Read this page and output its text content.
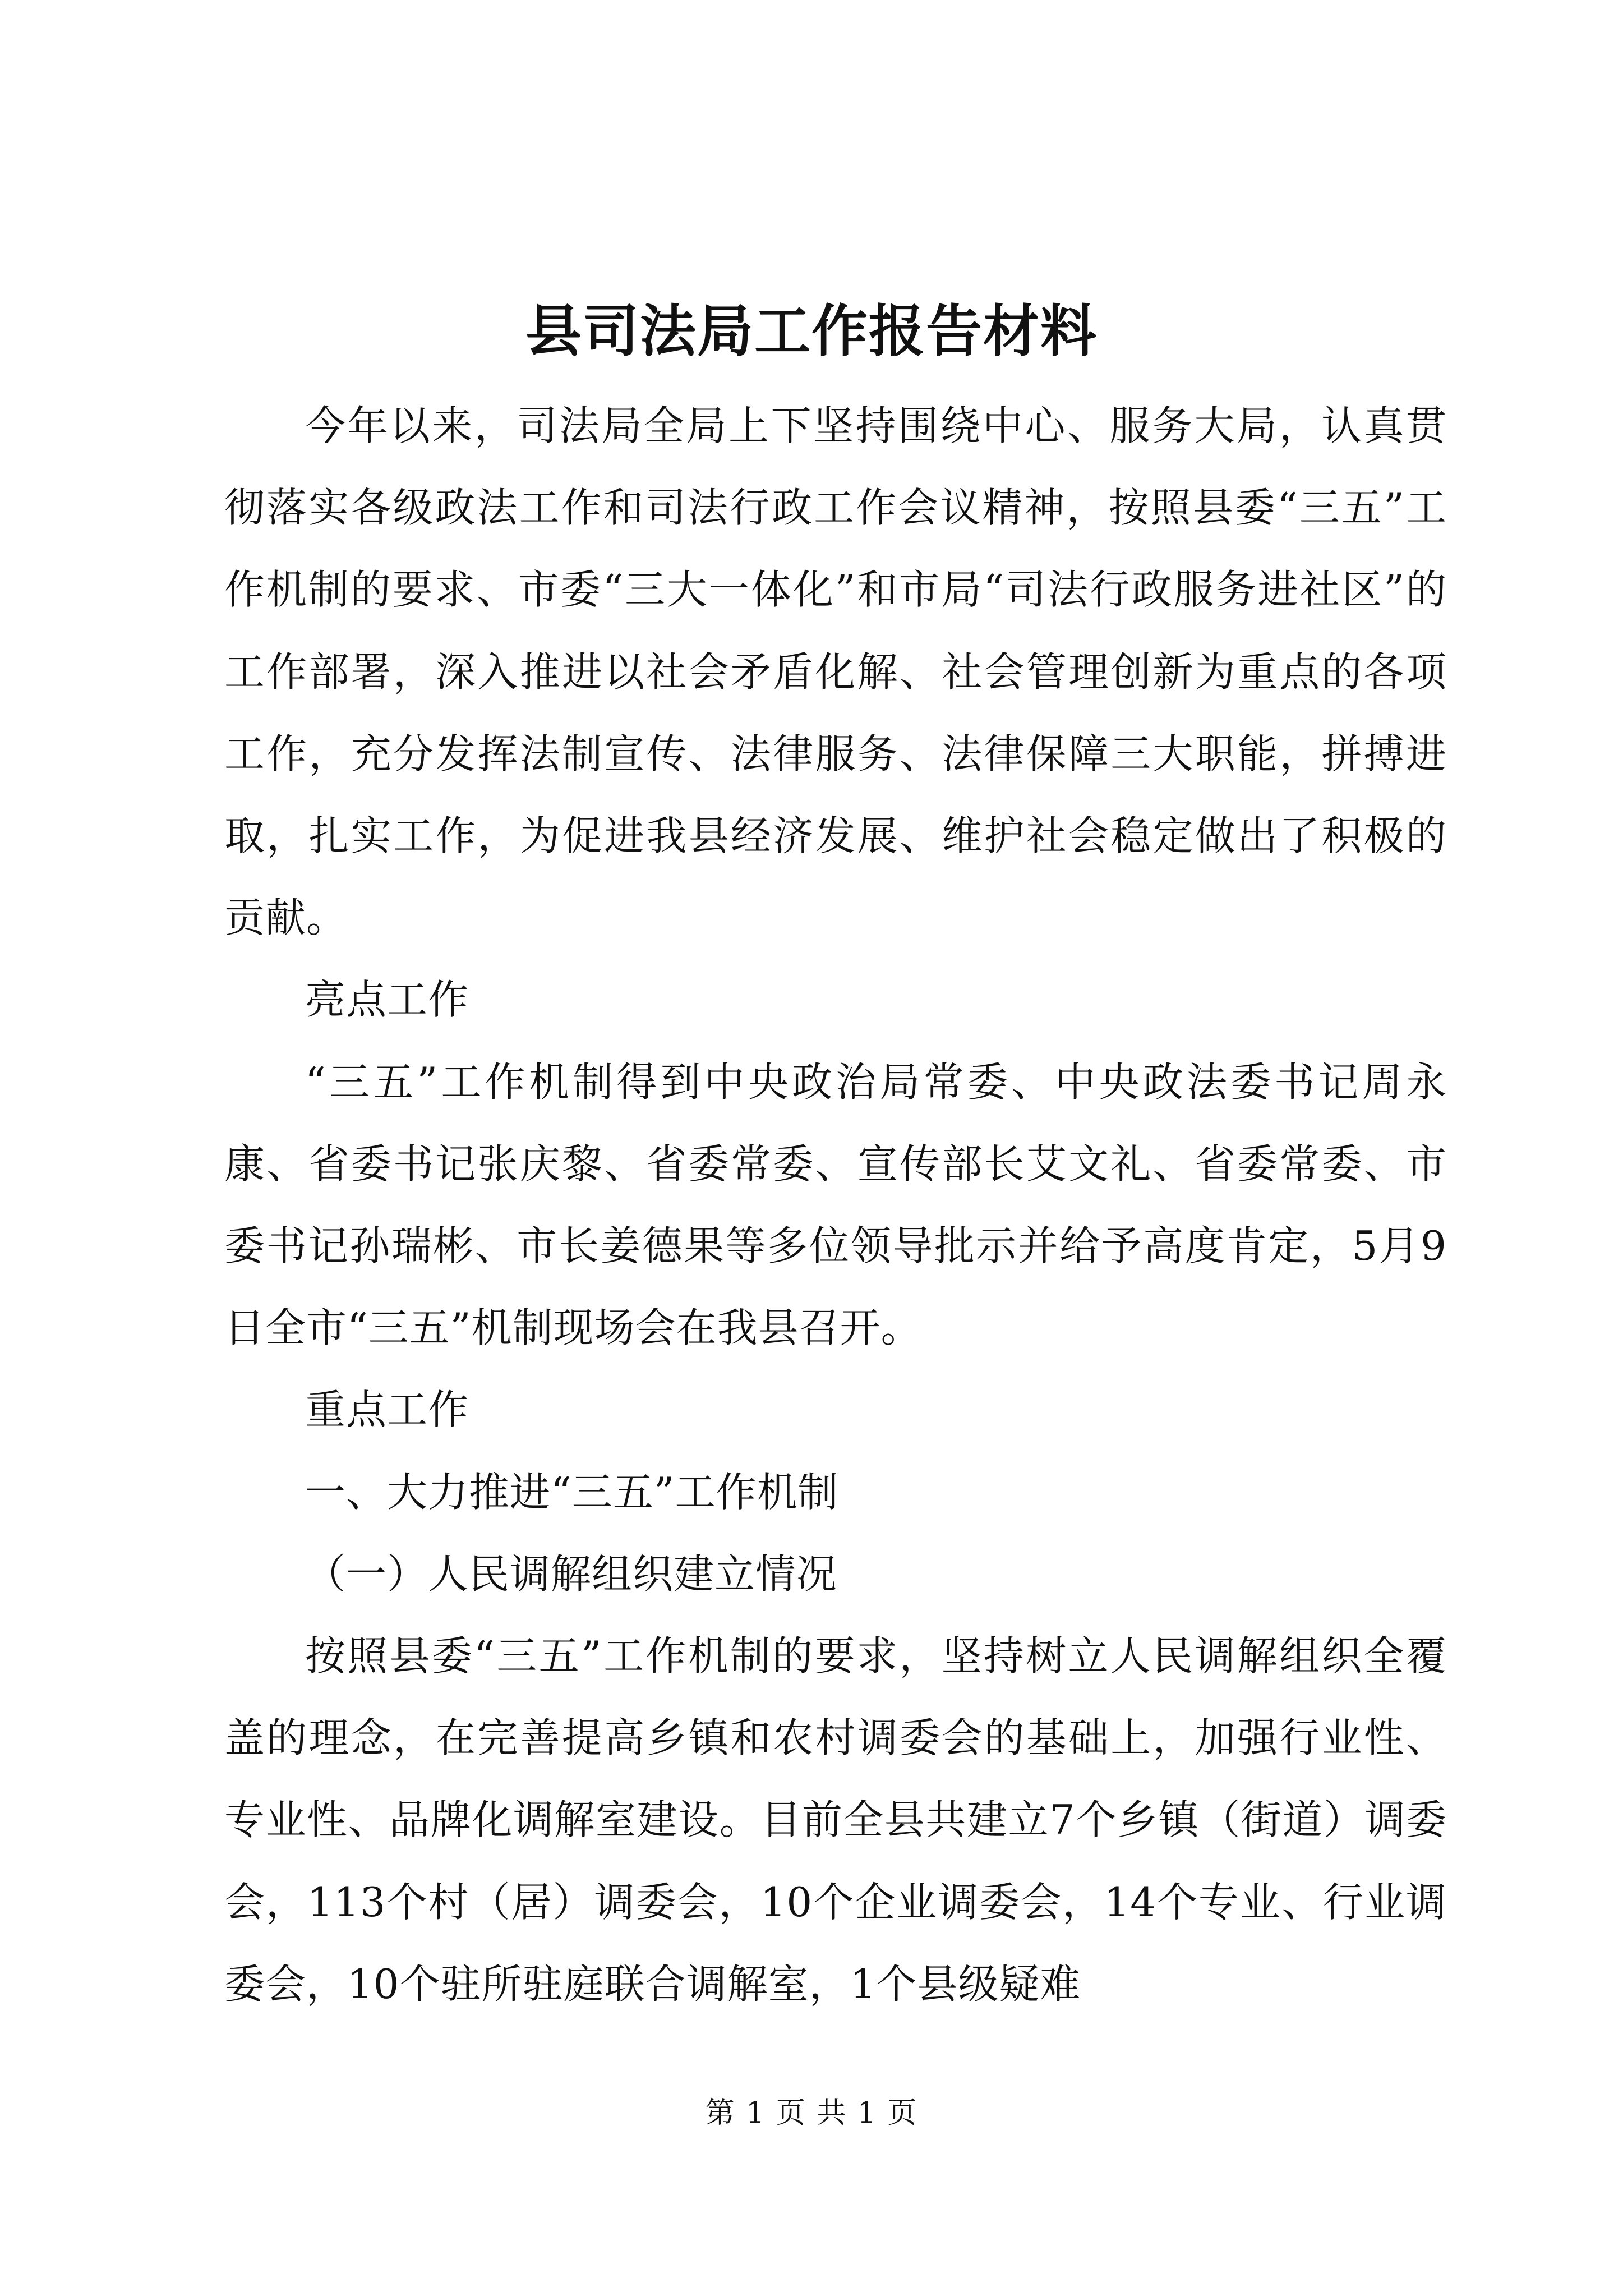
县司法局工作报告材料

今年以来，司法局全局上下坚持围绕中心、服务大局，认真贯彻落实各级政法工作和司法行政工作会议精神，按照县委“三五”工作机制的要求、市委“三大一体化”和市局“司法行政服务进社区”的工作部署，深入推进以社会矛盾化解、社会管理创新为重点的各项工作，充分发挥法制宣传、法律服务、法律保障三大职能，拼搏进取，扎实工作，为促进我县经济发展、维护社会稳定做出了积极的贡献。

亮点工作

“三五”工作机制得到中央政治局常委、中央政法委书记周永康、省委书记张庆黎、省委常委、宣传部长艾文礼、省委常委、市委书记孙瑞彬、市长姜德果等多位领导批示并给予高度肯定，5月9日全市“三五”机制现场会在我县召开。

重点工作

一、大力推进“三五”工作机制

（一）人民调解组织建立情况

按照县委“三五”工作机制的要求，坚持树立人民调解组织全覆盖的理念，在完善提高乡镇和农村调委会的基础上，加强行业性、专业性、品牌化调解室建设。目前全县共建立7个乡镇（街道）调委会，113个村（居）调委会，10个企业调委会，14个专业、行业调委会，10个驻所驻庭联合调解室，1个县级疑难

第 1 页 共 1 页
